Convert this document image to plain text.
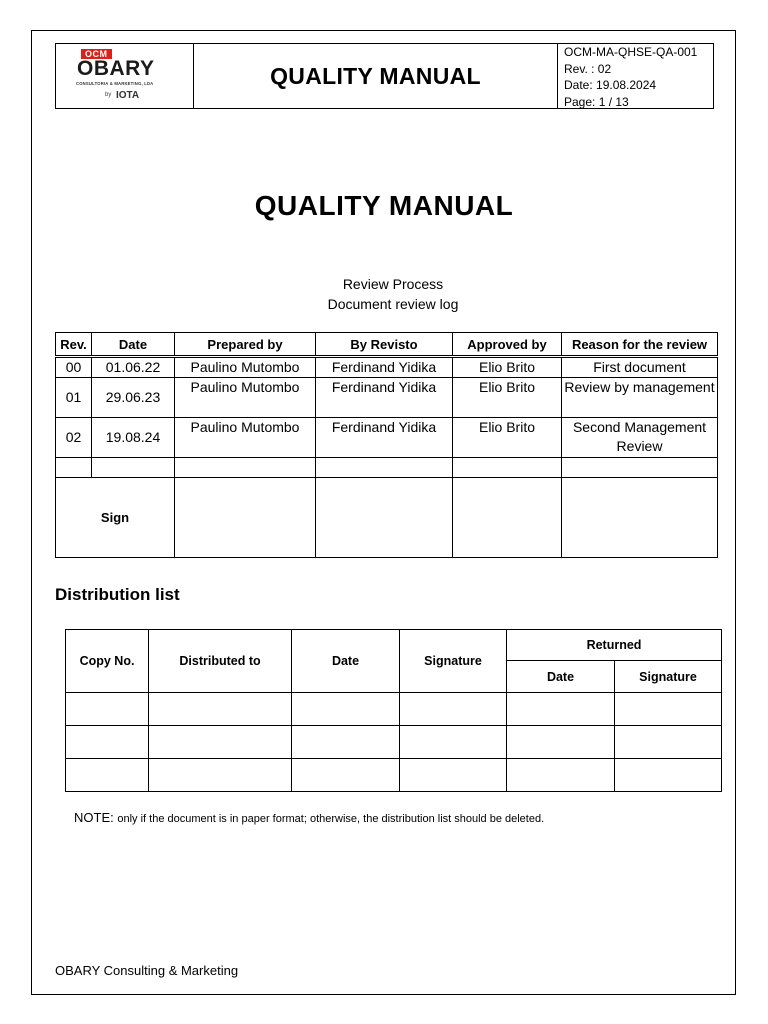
OCM
OBARY
CONSULTORIA & MARKETING, LDA
by IOTA
QUALITY MANUAL
OCM-MA-QHSE-QA-001
Rev. : 02
Date: 19.08.2024
Page: 1 / 13
QUALITY MANUAL
Review Process
Document review log
Rev.	Date	Prepared by	By Revisto	Approved by	Reason for the review
00	01.06.22	Paulino Mutombo	Ferdinand Yidika	Elio Brito	First document
01	29.06.23	Paulino Mutombo	Ferdinand Yidika	Elio Brito	Review by management
02	19.08.24	Paulino Mutombo	Ferdinand Yidika	Elio Brito	Second Management Review

Sign					
Distribution list
Copy No.	Distributed to	Date	Signature	Returned	
				Date	Signature

NOTE: only if the document is in paper format; otherwise, the distribution list should be deleted.
OBARY Consulting & Marketing
